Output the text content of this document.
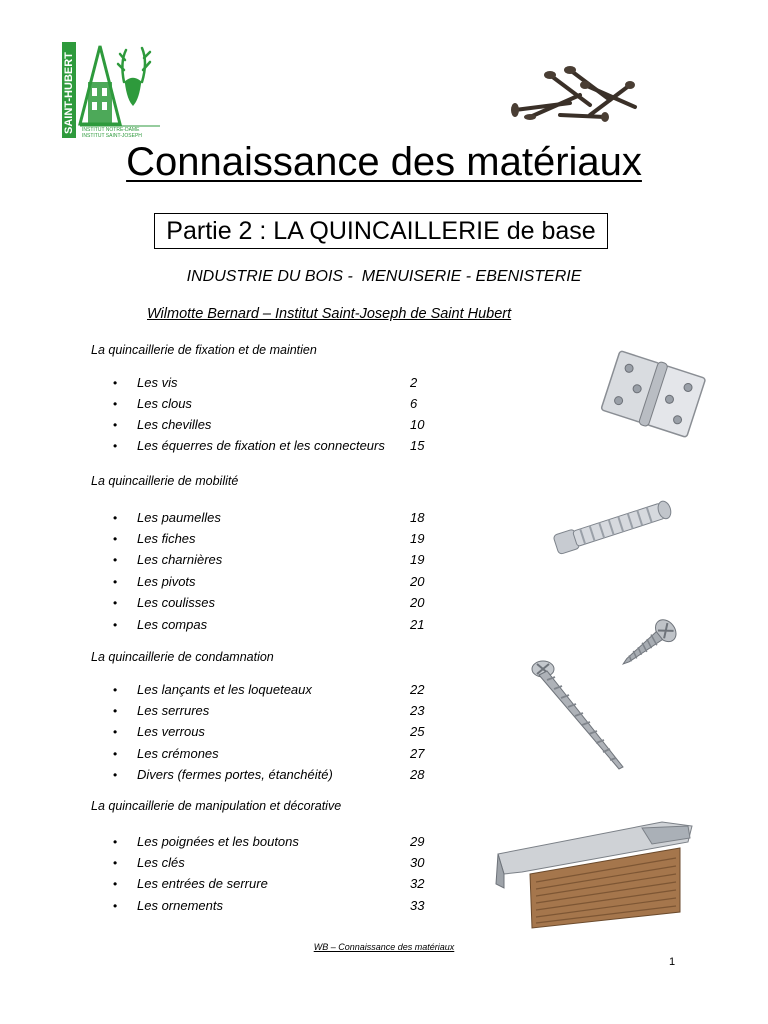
SAINT-HUBERT INSTITUT NOTRE-DAME
INSTITUT SAINT-JOSEPH
Connaissance des matériaux
Partie 2 : LA QUINCAILLERIE de base
INDUSTRIE DU BOIS -  MENUISERIE - EBENISTERIE
Wilmotte Bernard – Institut Saint-Joseph de Saint Hubert
La quincaillerie de fixation et de maintien
• Les vis	2
• Les clous	6
• Les chevilles	10
• Les équerres de fixation et les connecteurs 15
La quincaillerie de mobilité
• Les paumelles	18
• Les fiches	19
• Les charnières	19
• Les pivots	20
• Les coulisses	20
• Les compas	21
La quincaillerie de condamnation
• Les lançants et les loqueteaux	22
• Les serrures	23
• Les verrous	25
• Les crémones	27
• Divers (fermes portes, étanchéité)	28
La quincaillerie de manipulation et décorative
• Les poignées et les boutons	29
• Les clés	30
• Les entrées de serrure	32
• Les ornements	33
WB – Connaissance des matériaux
1
